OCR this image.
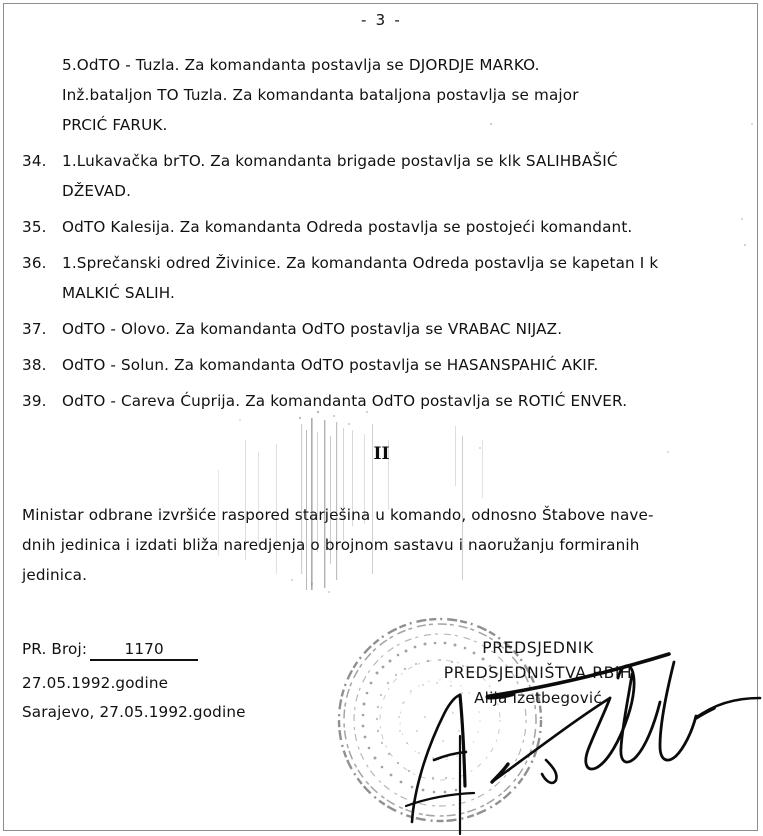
- 3 -
5.OdTO - Tuzla. Za komandanta postavlja se DJORDJE MARKO.
Inž.bataljon TO Tuzla. Za komandanta bataljona postavlja se major
PRCIĆ FARUK.
34.	1.Lukavačka brTO. Za komandanta brigade postavlja se klk SALIHBAŠIĆ
DŽEVAD.
35.	OdTO Kalesija. Za komandanta Odreda postavlja se postojeći komandant.
36.	1.Sprečanski odred Živinice. Za komandanta Odreda postavlja se kapetan I k
MALKIĆ SALIH.
37.	OdTO - Olovo. Za komandanta OdTO postavlja se VRABAC NIJAZ.
38.	OdTO - Solun. Za komandanta OdTO postavlja se HASANSPAHIĆ AKIF.
39.	OdTO - Careva Ćuprija. Za komandanta OdTO postavlja se ROTIĆ ENVER.
II
Ministar odbrane izvršiće raspored starješina u komando, odnosno Štabove nave-
dnih jedinica i izdati bliža naredjenja o brojnom sastavu i naoružanju formiranih
jedinica.
PR. Broj:	1170
27.05.1992.godine
Sarajevo, 27.05.1992.godine
PREDSJEDNIK
PREDSJEDNIŠTVA RBiH
Alija Izetbegović
